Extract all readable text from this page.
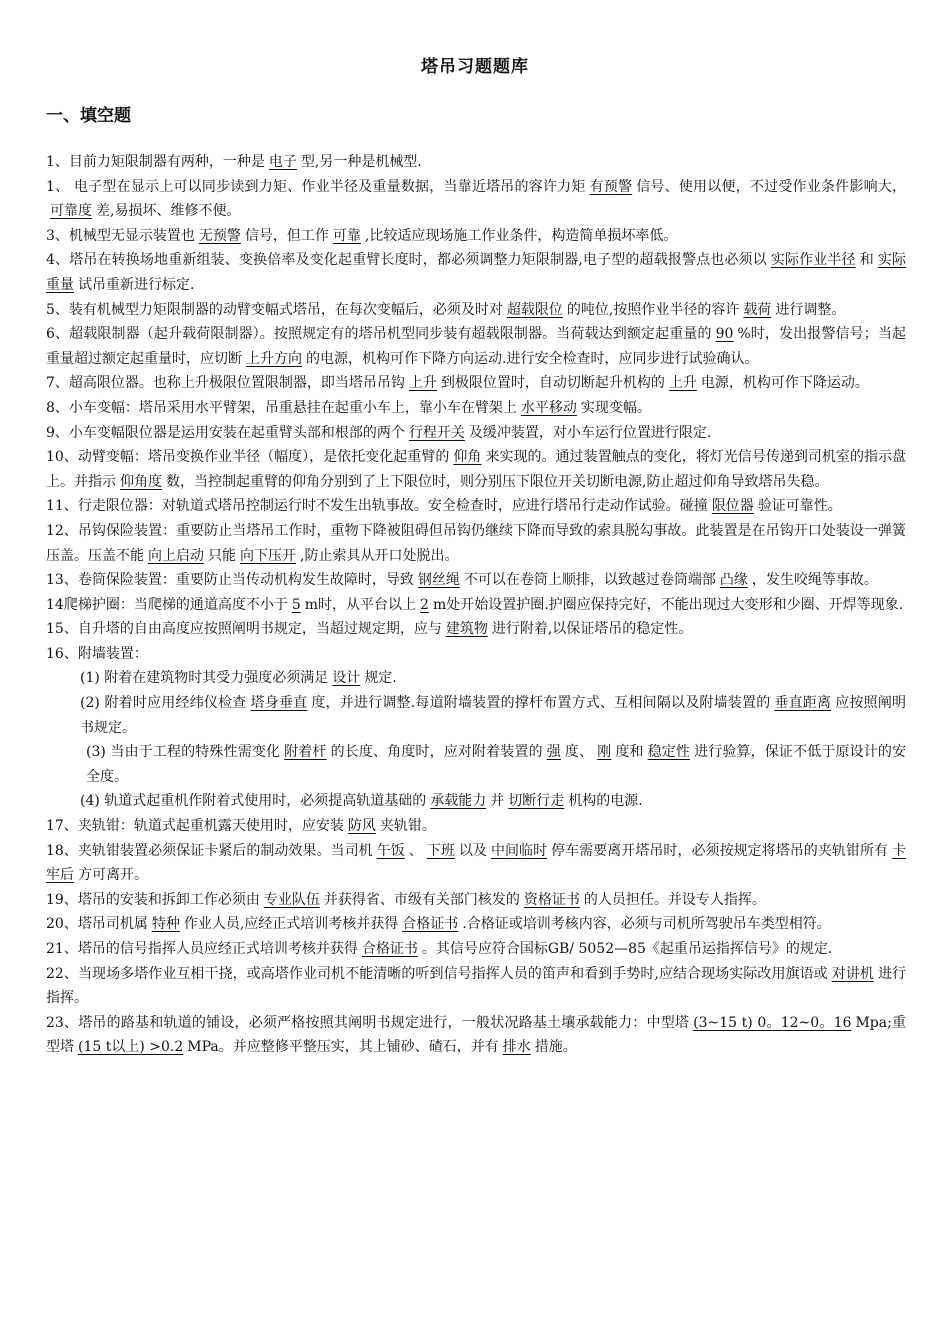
塔吊习题题库
一、填空题

1、目前力矩限制器有两种，一种是 电子 型,另一种是机械型.

1、 电子型在显示上可以同步读到力矩、作业半径及重量数据，当靠近塔吊的容许力矩 有预警 信号、使用以便，不过受作业条件影响大，可靠度 差,易损坏、维修不便。

3、机械型无显示装置也 无预警 信号，但工作 可靠 ,比较适应现场施工作业条件，构造简单损坏率低。

4、塔吊在转换场地重新组装、变换倍率及变化起重臂长度时，都必须调整力矩限制器,电子型的超载报警点也必须以 实际作业半径 和 实际重量 试吊重新进行标定.

5、装有机械型力矩限制器的动臂变幅式塔吊，在每次变幅后，必须及时对 超载限位 的吨位,按照作业半径的容许 载荷 进行调整。

6、超载限制器（起升载荷限制器）。按照规定有的塔吊机型同步装有超载限制器。当荷载达到额定起重量的 90 %时，发出报警信号；当起重量超过额定起重量时，应切断 上升方向 的电源，机构可作下降方向运动.进行安全检查时，应同步进行试验确认。

7、超高限位器。也称上升极限位置限制器，即当塔吊吊钩 上升 到极限位置时，自动切断起升机构的 上升 电源，机构可作下降运动。

8、小车变幅：塔吊采用水平臂架，吊重悬挂在起重小车上，靠小车在臂架上 水平移动 实现变幅。

9、小车变幅限位器是运用安装在起重臂头部和根部的两个 行程开关 及缓冲装置，对小车运行位置进行限定.

10、动臂变幅：塔吊变换作业半径（幅度），是依托变化起重臂的 仰角 来实现的。通过装置触点的变化，将灯光信号传递到司机室的指示盘上。并指示 仰角度 数，当控制起重臂的仰角分别到了上下限位时，则分别压下限位开关切断电源,防止超过仰角导致塔吊失稳。

11、行走限位器：对轨道式塔吊控制运行时不发生出轨事故。安全检查时，应进行塔吊行走动作试验。碰撞 限位器 验证可靠性。

12、吊钩保险装置：重要防止当塔吊工作时，重物下降被阻碍但吊钩仍继续下降而导致的索具脱勾事故。此装置是在吊钩开口处装设一弹簧压盖。压盖不能 向上启动 只能 向下压开 ,防止索具从开口处脱出。

13、卷筒保险装置：重要防止当传动机构发生故障时，导致 钢丝绳 不可以在卷筒上顺排，以致越过卷筒端部 凸缘 ，发生咬绳等事故。

14爬梯护圈：当爬梯的通道高度不小于 5 m时，从平台以上 2 m处开始设置护圈.护圈应保持完好，不能出现过大变形和少圈、开焊等现象.

15、自升塔的自由高度应按照阐明书规定，当超过规定期，应与 建筑物 进行附着,以保证塔吊的稳定性。

16、附墙装置：

(1) 附着在建筑物时其受力强度必须满足 设计 规定.

(2) 附着时应用经纬仪检查 塔身垂直 度，并进行调整.每道附墙装置的撑杆布置方式、互相间隔以及附墙装置的 垂直距离 应按照阐明书规定。

(3) 当由于工程的特殊性需变化 附着杆 的长度、角度时，应对附着装置的 强 度、 刚 度和 稳定性 进行验算，保证不低于原设计的安全度。

(4) 轨道式起重机作附着式使用时，必须提高轨道基础的 承载能力 并 切断行走 机构的电源.

17、夹轨钳：轨道式起重机露天使用时，应安装 防风 夹轨钳。

18、夹轨钳装置必须保证卡紧后的制动效果。当司机 午饭 、 下班 以及 中间临时 停车需要离开塔吊时，必须按规定将塔吊的夹轨钳所有 卡牢后 方可离开。

19、塔吊的安装和拆卸工作必须由 专业队伍 并获得省、市级有关部门核发的 资格证书 的人员担任。并设专人指挥。

20、塔吊司机属 特种 作业人员,应经正式培训考核并获得 合格证书 .合格证或培训考核内容，必须与司机所驾驶吊车类型相符。

21、塔吊的信号指挥人员应经正式培训考核并获得 合格证书 。其信号应符合国标GB/ 5052—85《起重吊运指挥信号》的规定.

22、当现场多塔作业互相干挠，或高塔作业司机不能清晰的听到信号指挥人员的笛声和看到手势时,应结合现场实际改用旗语或 对讲机 进行指挥。

23、塔吊的路基和轨道的铺设，必须严格按照其阐明书规定进行，一般状况路基土壤承载能力：中型塔 (3~15 t) 0。12~0。16 Mpa;重型塔 (15 t以上) >0.2 MPa。并应整修平整压实，其上铺砂、碴石，并有 排水 措施。
